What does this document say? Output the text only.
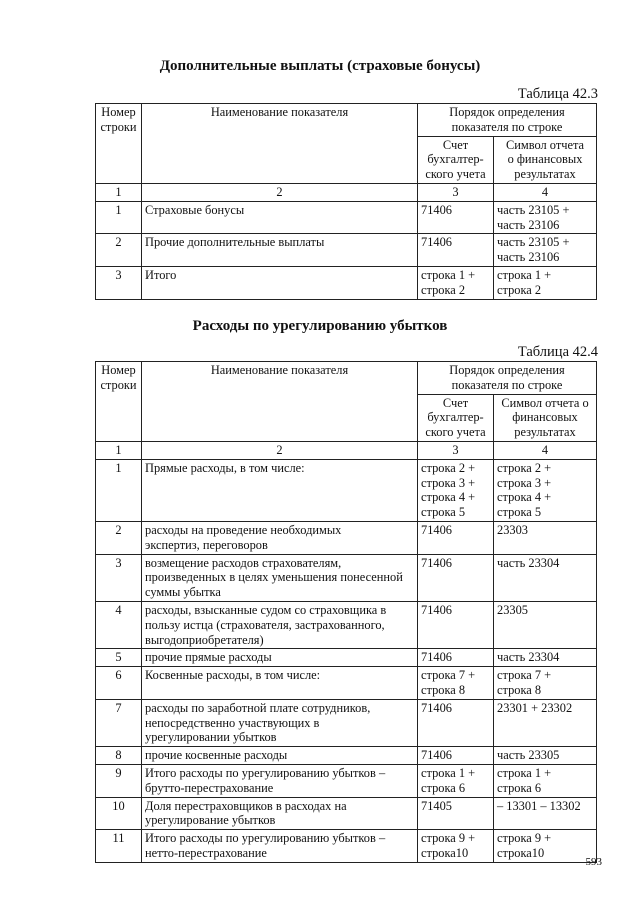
Дополнительные выплаты (страховые бонусы)
Таблица 42.3
Номер
строки	Наименование показателя	Порядок определения
показателя по строке	
		Счет
бухгалтер-
ского учета	Символ отчета
о финансовых
результатах
1	2	3	4
1	Страховые бонусы	71406	часть 23105 +
часть 23106
2	Прочие дополнительные выплаты	71406	часть 23105 +
часть 23106
3	Итого	строка 1 +
строка 2	строка 1 +
строка 2
Расходы по урегулированию убытков
Таблица 42.4
Номер
строки	Наименование показателя	Порядок определения
показателя по строке	
		Счет
бухгалтер-
ского учета	Символ отчета о
финансовых
результатах
1	2	3	4
1	Прямые расходы, в том числе:	строка 2 +
строка 3 +
строка 4 +
строка 5	строка 2 +
строка 3 +
строка 4 +
строка 5
2	расходы на проведение необходимых
экспертиз, переговоров	71406	23303
3	возмещение расходов страхователям,
произведенных в целях уменьшения понесенной
суммы убытка	71406	часть 23304
4	расходы, взысканные судом со страховщика в
пользу истца (страхователя, застрахованного,
выгодоприобретателя)	71406	23305
5	прочие прямые расходы	71406	часть 23304
6	Косвенные расходы, в том числе:	строка 7 +
строка 8	строка 7 +
строка 8
7	расходы по заработной плате сотрудников,
непосредственно участвующих в
урегулировании убытков	71406	23301 + 23302
8	прочие косвенные расходы	71406	часть 23305
9	Итого расходы по урегулированию убытков –
брутто-перестрахование	строка 1 +
строка 6	строка 1 +
строка 6
10	Доля перестраховщиков в расходах на
урегулирование убытков	71405	– 13301 – 13302
11	Итого расходы по урегулированию убытков –
нетто-перестрахование	строка 9 +
строка10	строка 9 +
строка10
593
